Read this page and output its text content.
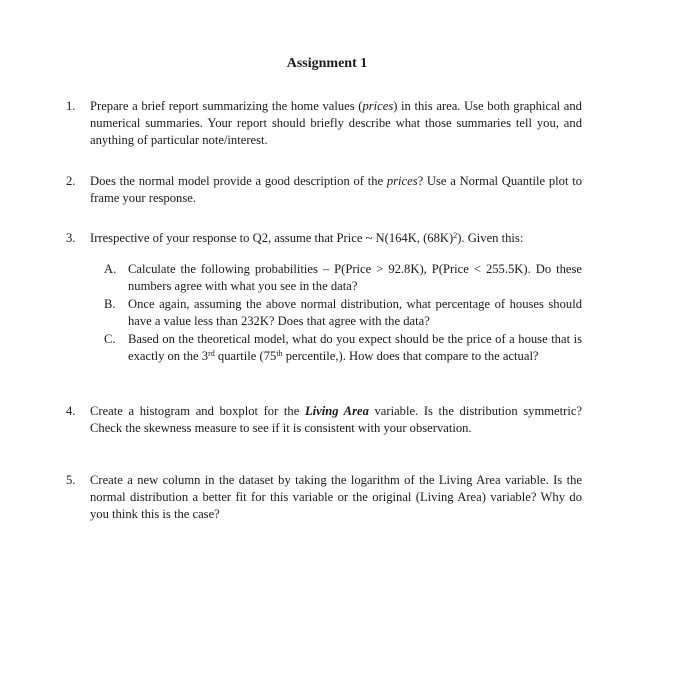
Assignment 1
1. Prepare a brief report summarizing the home values (prices) in this area. Use both graphical and numerical summaries. Your report should briefly describe what those summaries tell you, and anything of particular note/interest.
2. Does the normal model provide a good description of the prices? Use a Normal Quantile plot to frame your response.
3. Irrespective of your response to Q2, assume that Price ~ N(164K, $(68K)^2$). Given this:
A. Calculate the following probabilities – P(Price > 92.8K), P(Price < 255.5K). Do these numbers agree with what you see in the data?
B. Once again, assuming the above normal distribution, what percentage of houses should have a value less than 232K? Does that agree with the data?
C. Based on the theoretical model, what do you expect should be the price of a house that is exactly on the 3rd quartile (75th percentile,). How does that compare to the actual?
4. Create a histogram and boxplot for the Living Area variable. Is the distribution symmetric? Check the skewness measure to see if it is consistent with your observation.
5. Create a new column in the dataset by taking the logarithm of the Living Area variable. Is the normal distribution a better fit for this variable or the original (Living Area) variable? Why do you think this is the case?
